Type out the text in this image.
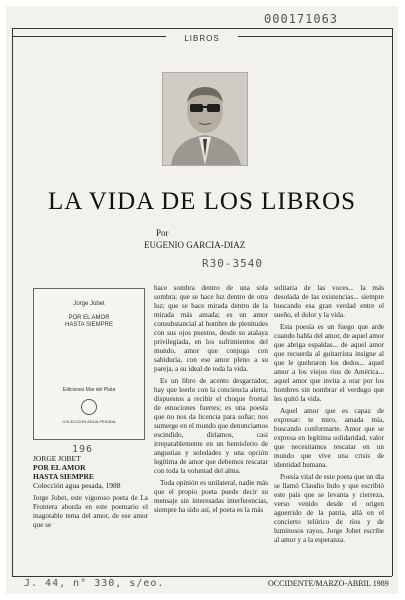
000171063
LIBROS
LA VIDA DE LOS LIBROS
Por
EUGENIO GARCIA-DIAZ
R30-3540
Jorge Jobet
POR EL AMOR
HASTA SIEMPRE
Ediciones Mar del Plata
COLECCIÓN AGUA PESADA
196
JORGE JOBET
POR EL AMOR
HASTA SIEMPRE
Colección agua pesada, 1988

Jorge Jobet, este vigoroso poeta de La Frontera aborda en este poemario el inagotable tema del amor, de ese amor que se

hace sombra dentro de una sola sombra; que se hace luz dentro de otra luz; que se hace mirada dentro de la mirada más amada; es un amor consubstancial al hombre de plenitudes con sus ojos puestos, desde su atalaya privilegiada, en los sufrimientos del mundo, amor que conjuga con sabiduría, con ese amor pleno a su pareja, a su ideal de toda la vida.

Es un libro de acento desgarrador, hay que leerlo con la conciencia alerta, dispuestos a recibir el choque frontal de emociones fuertes; es una poesía que no nos da licencia para soñar; nos sumerge en el mundo que denunciamos escindido, diríamos, casi irreparablemente en un hemisferio de angustias y soledades y una opción legítima de amor que debemos rescatar con toda la voluntad del alma.

Toda opinión es unilateral, nadie más que el propio poeta puede decir su mensaje sin interesadas interferencias, siempre ha sido así, el poeta es la más

solitaria de las voces... la más desolada de las existencias... siempre buscando esa gran verdad entre el sueño, el dolor y la vida.

Esta poesía es un fuego que arde cuando habla del amor, de aquel amor que abriga espaldas... de aquel amor que recuerda al guitarrista insigne al que le quebraron los dedos... aquel amor a los viejos ríos de América... aquel amor que invita a orar por los hombres sin nombrar el verdugo que les quitó la vida.

Aquel amor que es capaz de expresar: te miro, amada mía, buscando conformarte. Amor que se expresa en legítima solidaridad, valor que necesitamos rescatar en un mundo que vive una crisis de identidad humana.

Poesía vital de este poeta que un día se llamó Claudio Indo y que escribió este país que se levanta y cierreza, verso venido desde el origen aguerrido de la patria, allá en el concierto telúrico de ríos y de luminosos rayos, Jorge Jobet escribe al amor y a la esperanza.

J. 44, n° 330, s/eo.	OCCIDENTE/MARZO-ABRIL 1989
